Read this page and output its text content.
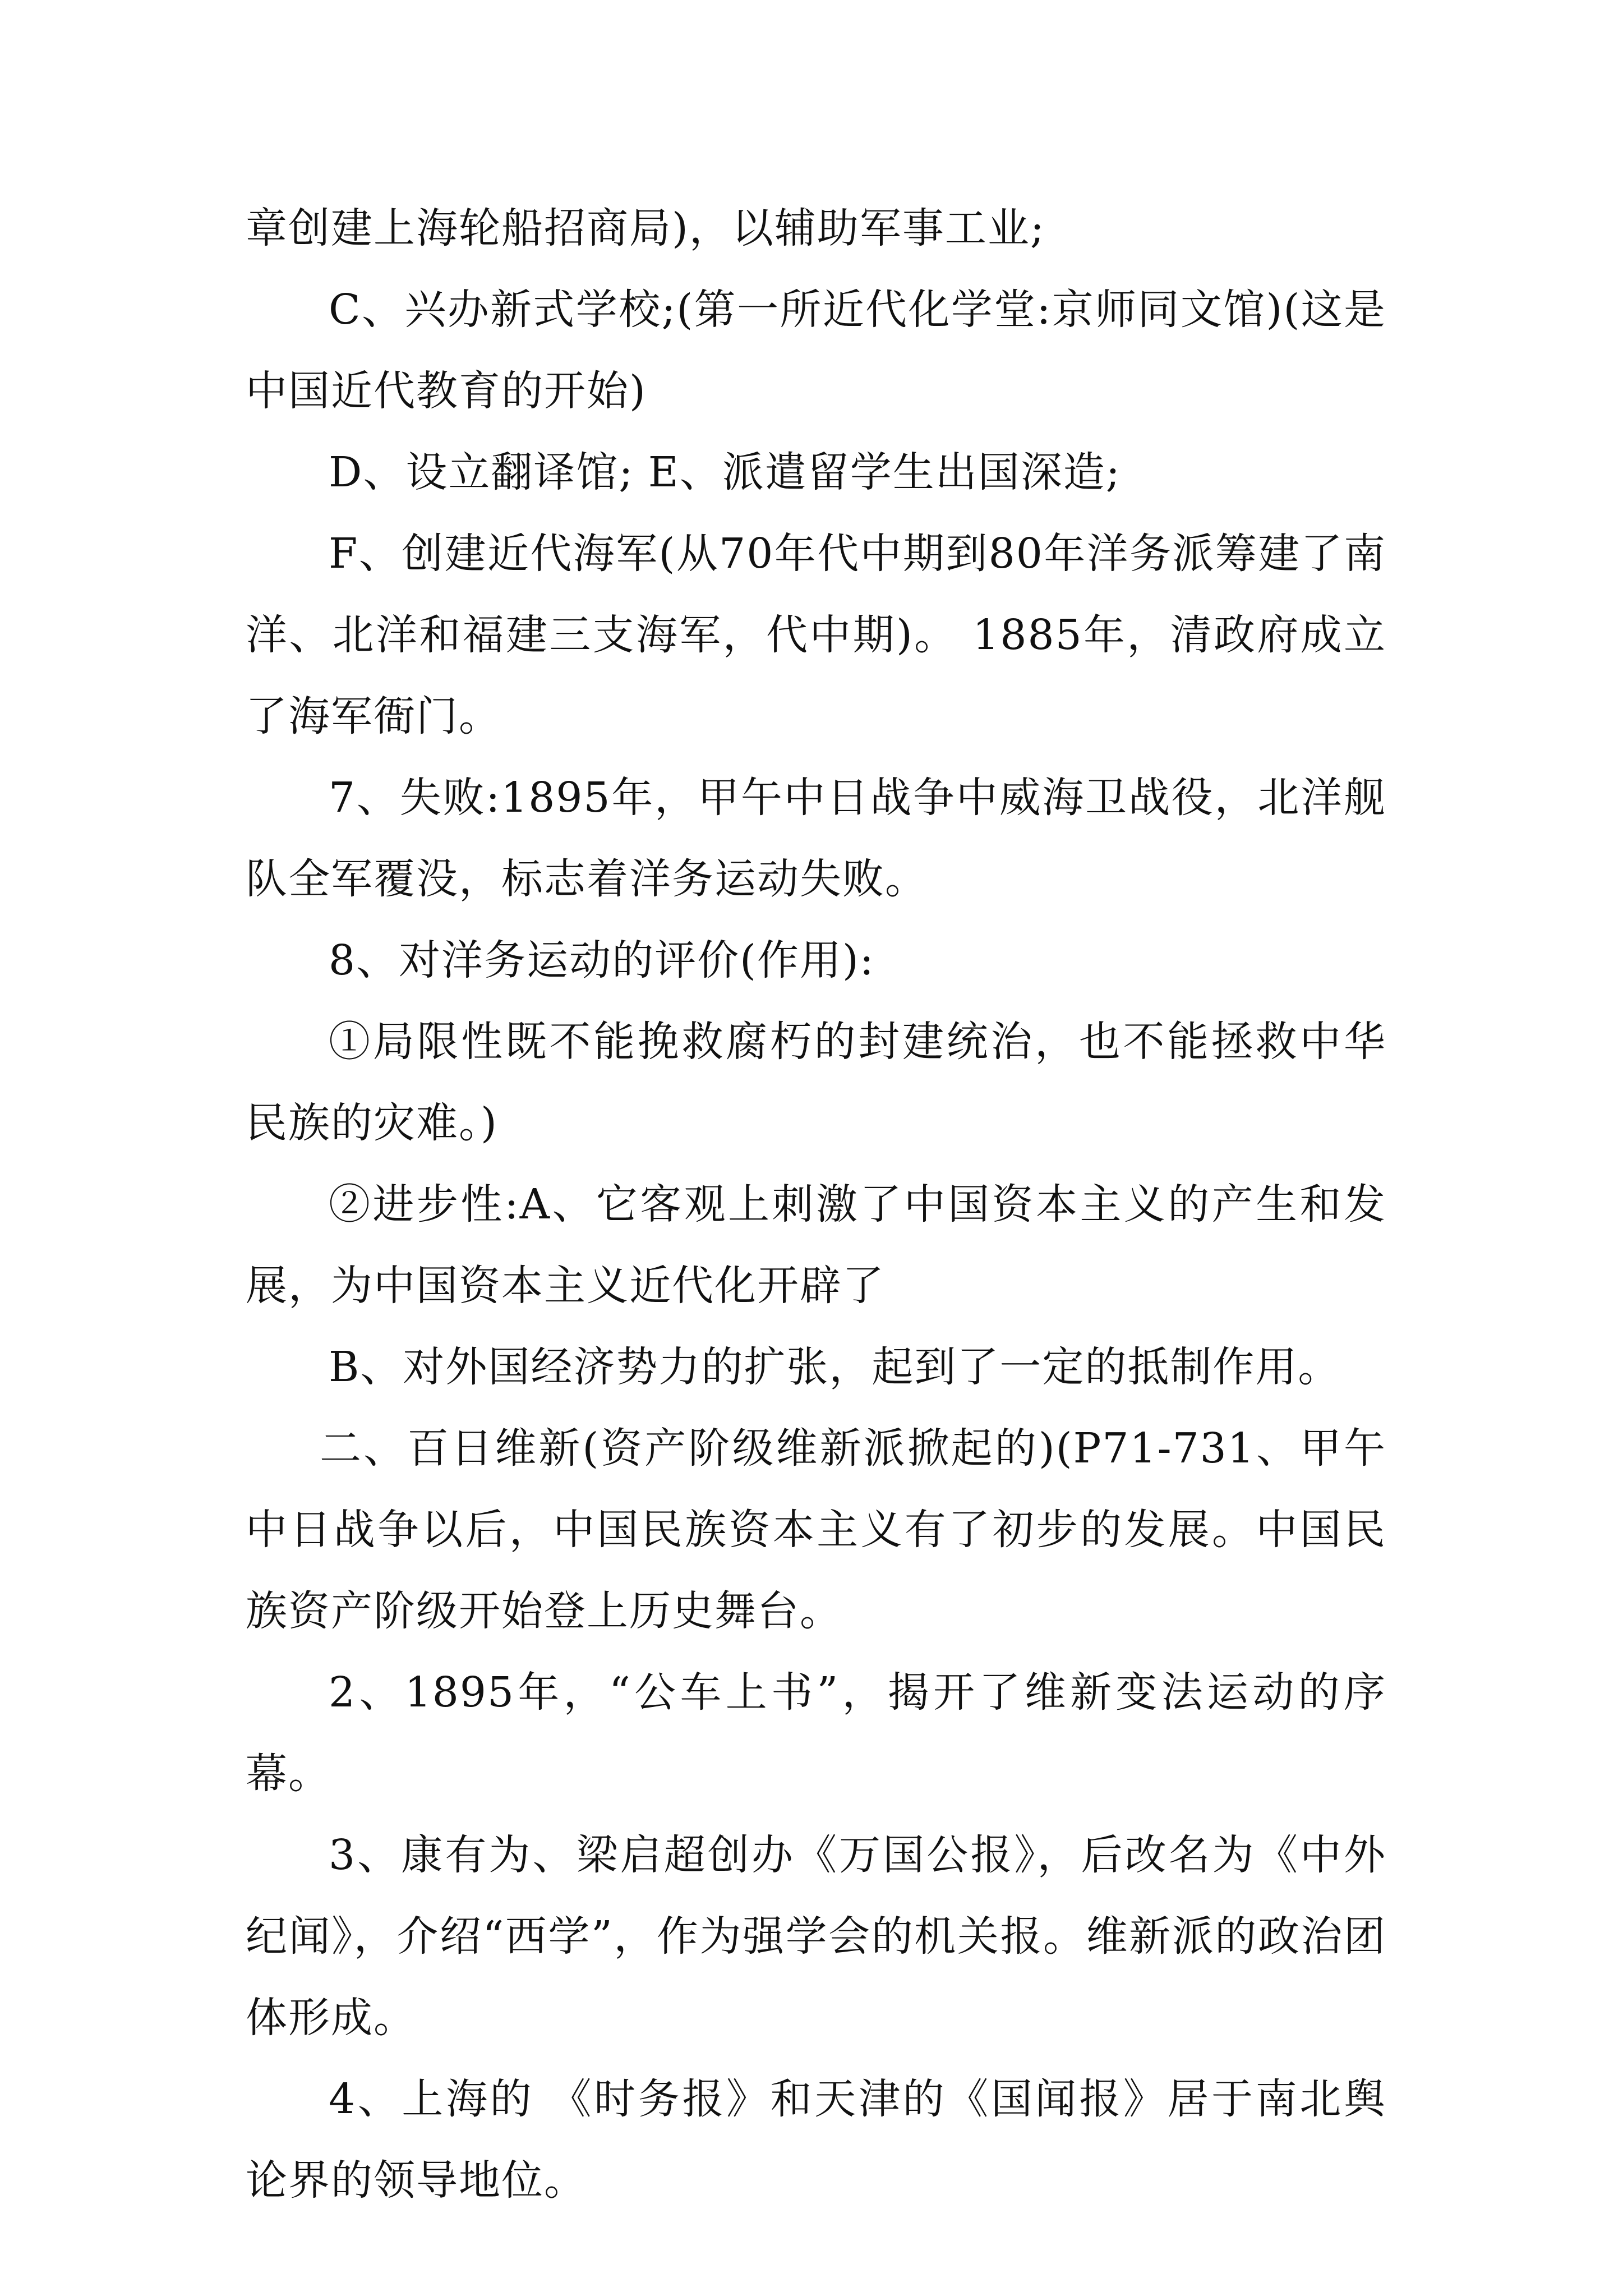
章创建上海轮船招商局)，以辅助军事工业;

C、兴办新式学校;(第一所近代化学堂:京师同文馆)(这是中国近代教育的开始)

D、设立翻译馆; E、派遣留学生出国深造;

F、创建近代海军(从70年代中期到80年洋务派筹建了南洋、北洋和福建三支海军，代中期)。 1885年，清政府成立了海军衙门。

7、失败:1895年，甲午中日战争中威海卫战役，北洋舰队全军覆没，标志着洋务运动失败。

8、对洋务运动的评价(作用):

①局限性既不能挽救腐朽的封建统治，也不能拯救中华民族的灾难。)

②进步性:A、它客观上刺激了中国资本主义的产生和发展，为中国资本主义近代化开辟了

B、对外国经济势力的扩张，起到了一定的抵制作用。

二、百日维新(资产阶级维新派掀起的)(P71-731、甲午中日战争以后，中国民族资本主义有了初步的发展。中国民族资产阶级开始登上历史舞台。

2、1895年，“公车上书”，揭开了维新变法运动的序幕。

3、康有为、梁启超创办《万国公报》，后改名为《中外纪闻》，介绍“西学”，作为强学会的机关报。维新派的政治团体形成。

4、上海的 《时务报》和天津的《国闻报》居于南北舆论界的领导地位。
